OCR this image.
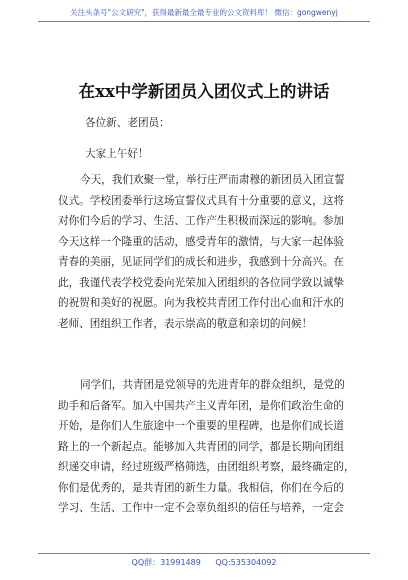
关注头条号"公文研究"，获得最新最全最专业的公文资料库！ 微信：gongwenyj
在xx中学新团员入团仪式上的讲话
各位新、老团员：
大家上午好！
今天，我们欢聚一堂，举行庄严而肃穆的新团员入团宣誓
仪式。学校团委举行这场宣誓仪式具有十分重要的意义，这将
对你们今后的学习、生活、工作产生积极而深远的影响。参加
今天这样一个隆重的活动，感受青年的激情，与大家一起体验
青春的美丽，见证同学们的成长和进步，我感到十分高兴。在
此，我谨代表学校党委向光荣加入团组织的各位同学致以诚挚
的祝贺和美好的祝愿。向为我校共青团工作付出心血和汗水的
老师、团组织工作者，表示崇高的敬意和亲切的问候！
同学们，共青团是党领导的先进青年的群众组织，是党的
助手和后备军。加入中国共产主义青年团，是你们政治生命的
开始，是你们人生旅途中一个重要的里程碑，也是你们成长道
路上的一个新起点。能够加入共青团的同学，都是长期向团组
织递交申请，经过班级严格筛选，由团组织考察，最终确定的，
你们是优秀的，是共青团的新生力量。我相信，你们在今后的
学习、生活、工作中一定不会辜负组织的信任与培养，一定会
QQ群：31991489 QQ:535304092
